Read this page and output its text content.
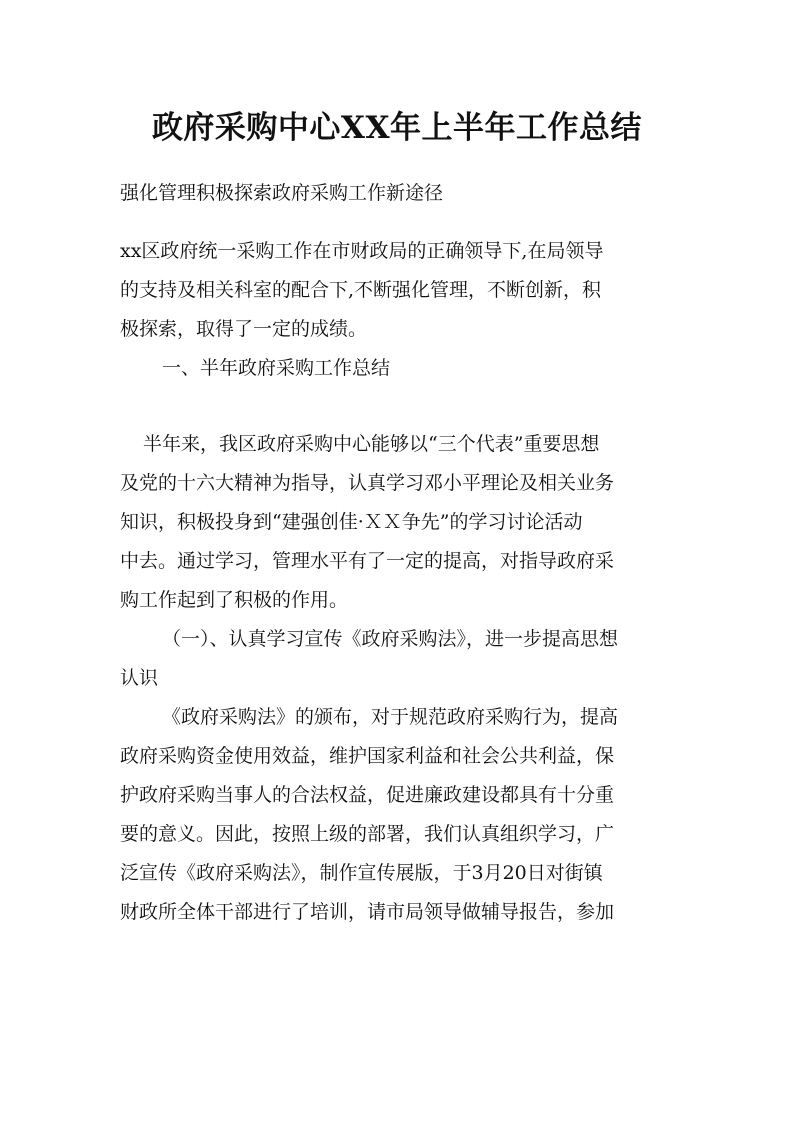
政府采购中心XX年上半年工作总结
强化管理积极探索政府采购工作新途径
xx区政府统一采购工作在市财政局的正确领导下,在局领导
的支持及相关科室的配合下,不断强化管理，不断创新，积
极探索，取得了一定的成绩。
一、半年政府采购工作总结
半年来，我区政府采购中心能够以“三个代表”重要思想
及党的十六大精神为指导，认真学习邓小平理论及相关业务
知识，积极投身到“建强创佳·ＸＸ争先”的学习讨论活动
中去。通过学习，管理水平有了一定的提高，对指导政府采
购工作起到了积极的作用。
（一）、认真学习宣传《政府采购法》，进一步提高思想
认识
《政府采购法》的颁布，对于规范政府采购行为，提高
政府采购资金使用效益，维护国家利益和社会公共利益，保
护政府采购当事人的合法权益，促进廉政建设都具有十分重
要的意义。因此，按照上级的部署，我们认真组织学习，广
泛宣传《政府采购法》，制作宣传展版，于3月20日对街镇
财政所全体干部进行了培训，请市局领导做辅导报告，参加
